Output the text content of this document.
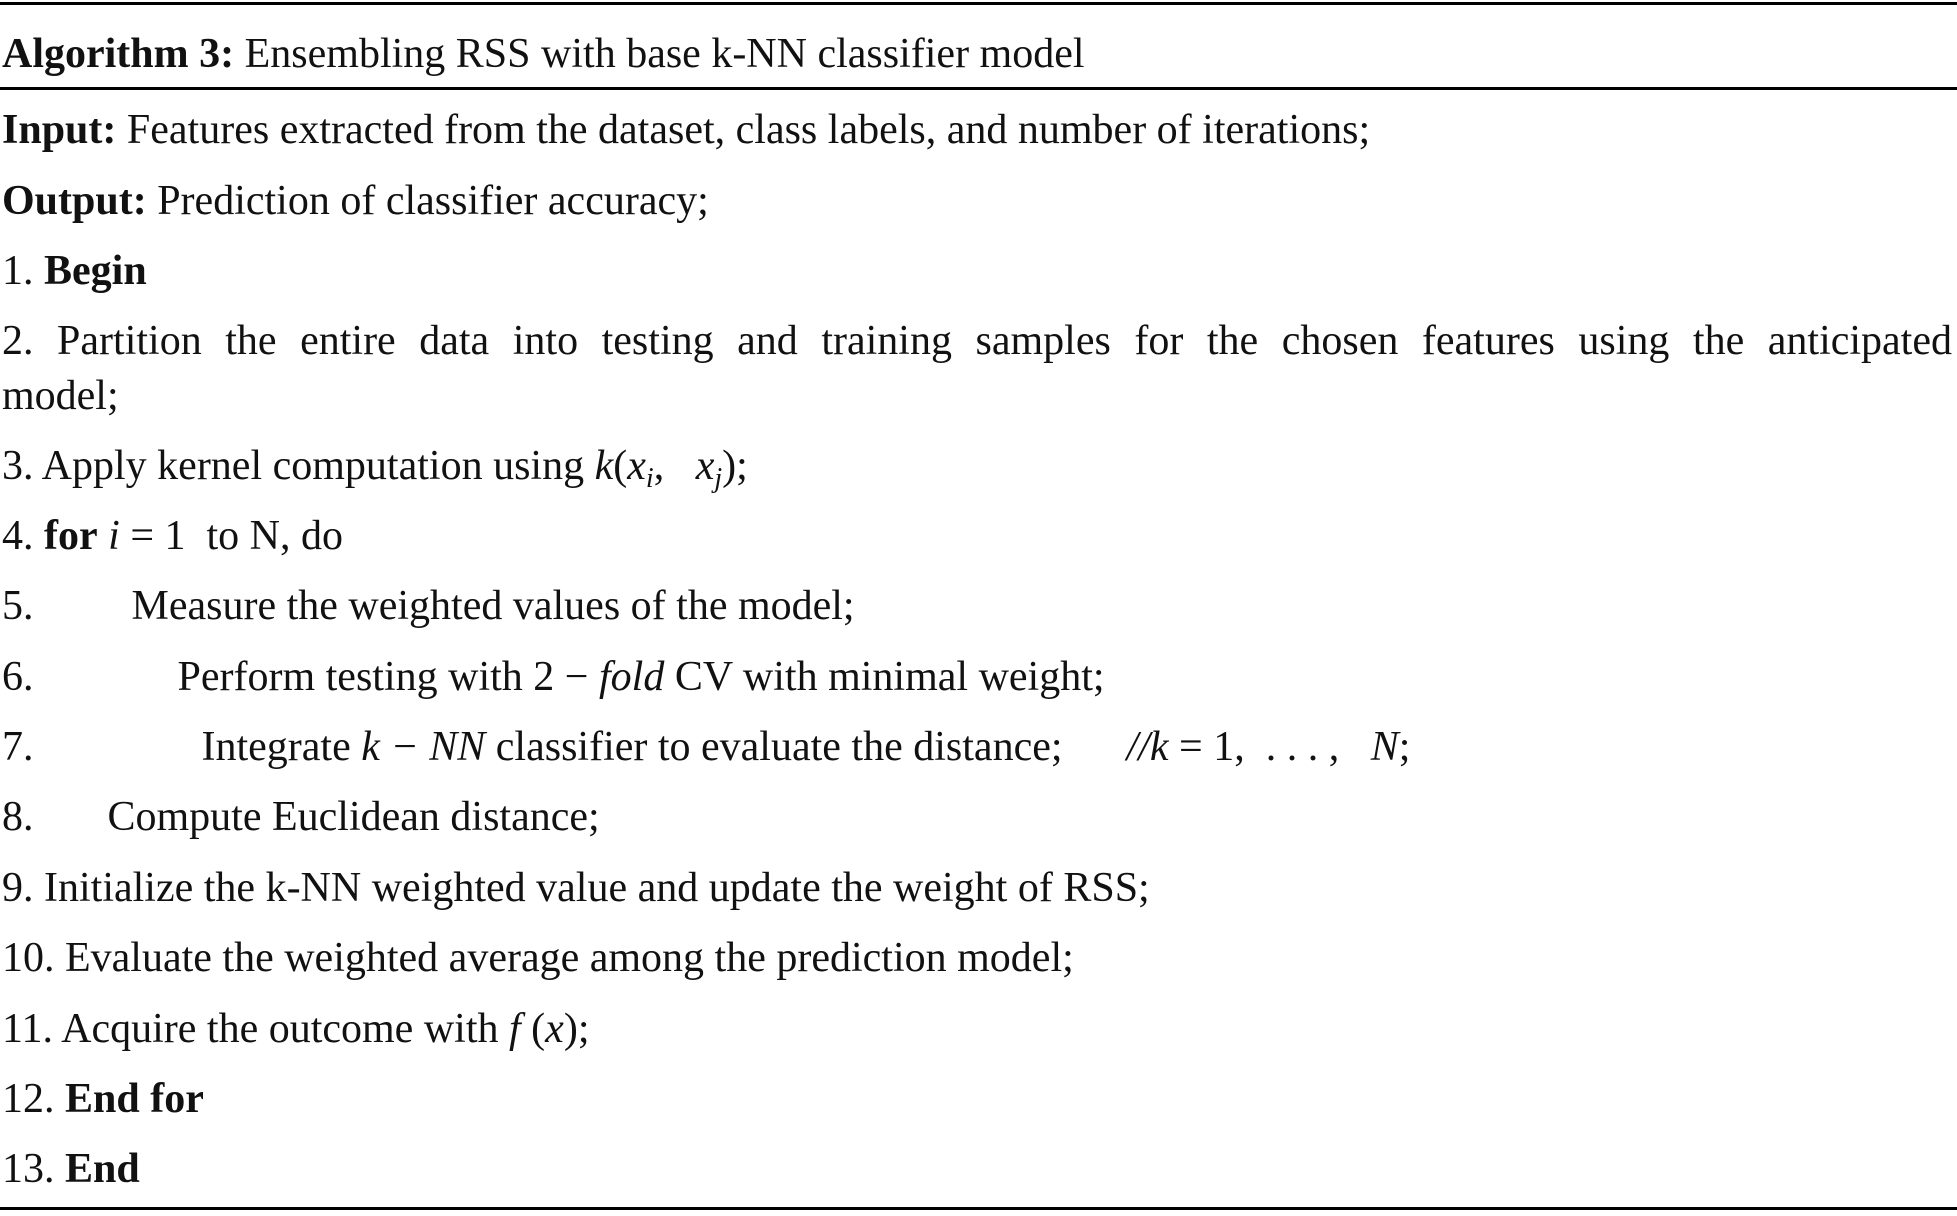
Algorithm 3: Ensembling RSS with base k-NN classifier model
Input: Features extracted from the dataset, class labels, and number of iterations;
Output: Prediction of classifier accuracy;
1. Begin
2. Partition the entire data into testing and training samples for the chosen features using the anticipated
model;
3. Apply kernel computation using $k(x_i$,   $x_j$);
4. for i = 1  to N, do
5. Measure the weighted values of the model;
6.	Perform testing with 2 − fold CV with minimal weight;
7.	Integrate k − NN classifier to evaluate the distance; //k = 1,  . . . ,   N;
8. Compute Euclidean distance;
9. Initialize the k-NN weighted value and update the weight of RSS;
10. Evaluate the weighted average among the prediction model;
11. Acquire the outcome with f (x);
12. End for
13. End
